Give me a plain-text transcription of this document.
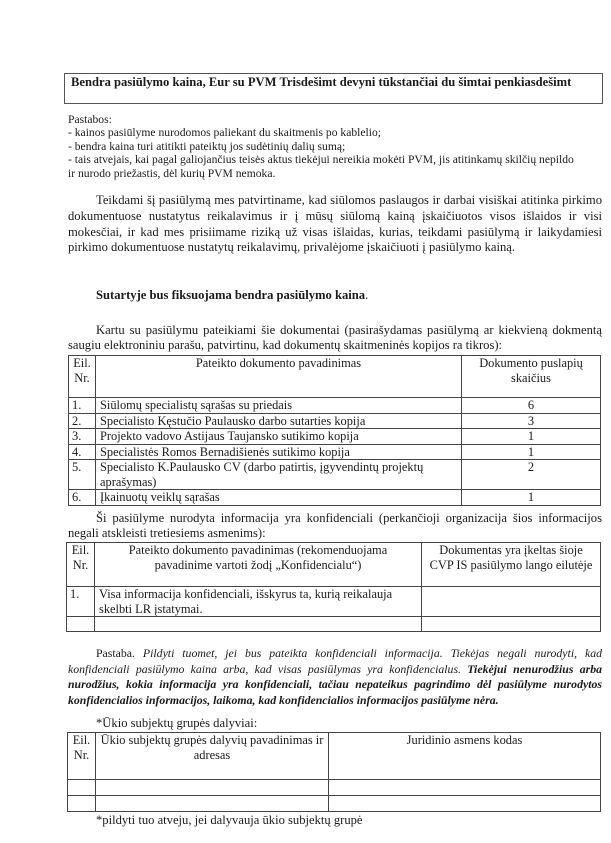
Bendra pasiūlymo kaina, Eur su PVM Trisdešimt devyni tūkstančiai du šimtai penkiasdešimt
Pastabos:
- kainos pasiūlyme nurodomos paliekant du skaitmenis po kablelio;
- bendra kaina turi atitikti pateiktų jos sudėtinių dalių sumą;
- tais atvejais, kai pagal galiojančius teisės aktus tiekėjui nereikia mokėti PVM, jis atitinkamų skilčių nepildo
ir nurodo priežastis, dėl kurių PVM nemoka.
Teikdami šį pasiūlymą mes patvirtiname, kad siūlomos paslaugos ir darbai visiškai atitinka pirkimo dokumentuose nustatytus reikalavimus ir į mūsų siūlomą kainą įskaičiuotos visos išlaidos ir visi mokesčiai, ir kad mes prisiimame riziką už visas išlaidas, kurias, teikdami pasiūlymą ir laikydamiesi pirkimo dokumentuose nustatytų reikalavimų, privalėjome įskaičiuoti į pasiūlymo kainą.
Sutartyje bus fiksuojama bendra pasiūlymo kaina.
Kartu su pasiūlymu pateikiami šie dokumentai (pasirašydamas pasiūlymą ar kiekvieną dokmentą saugiu elektroniniu parašu, patvirtinu, kad dokumentų skaitmeninės kopijos ra tikros):
Eil. Nr.	Pateikto dokumento pavadinimas	Dokumento puslapių skaičius
1.	Siūlomų specialistų sąrašas su priedais	6
2.	Specialisto Kęstučio Paulausko darbo sutarties kopija	3
3.	Projekto vadovo Astijaus Taujansko sutikimo kopija	1
4.	Specialistės Romos Bernadišienės sutikimo kopija	1
5.	Specialisto K.Paulausko CV (darbo patirtis, įgyvendintų projektų aprašymas)	2
6.	Įkainuotų veiklų sąrašas	1
Ši pasiūlyme nurodyta informacija yra konfidenciali (perkančioji organizacija šios informacijos negali atskleisti tretiesiems asmenims):
Eil. Nr.	Pateikto dokumento pavadinimas (rekomenduojama pavadinime vartoti žodį „Konfidencialu“)	Dokumentas yra įkeltas šioje CVP IS pasiūlymo lango eilutėje
1.	Visa informacija konfidenciali, išskyrus ta, kurią reikalauja skelbti LR įstatymai.	

Pastaba. Pildyti tuomet, jei bus pateikta konfidenciali informacija. Tiekėjas negali nurodyti, kad konfidenciali pasiūlymo kaina arba, kad visas pasiūlymas yra konfidencialus. Tiekėjui nenurodžius arba nurodžius, kokia informacija yra konfidenciali, tačiau nepateikus pagrindimo dėl pasiūlyme nurodytos konfidencialios informacijos, laikoma, kad konfidencialios informacijos pasiūlyme nėra.
*Ūkio subjektų grupės dalyviai:
Eil. Nr.	Ūkio subjektų grupės dalyvių pavadinimas ir adresas	Juridinio asmens kodas

*pildyti tuo atveju, jei dalyvauja ūkio subjektų grupė
